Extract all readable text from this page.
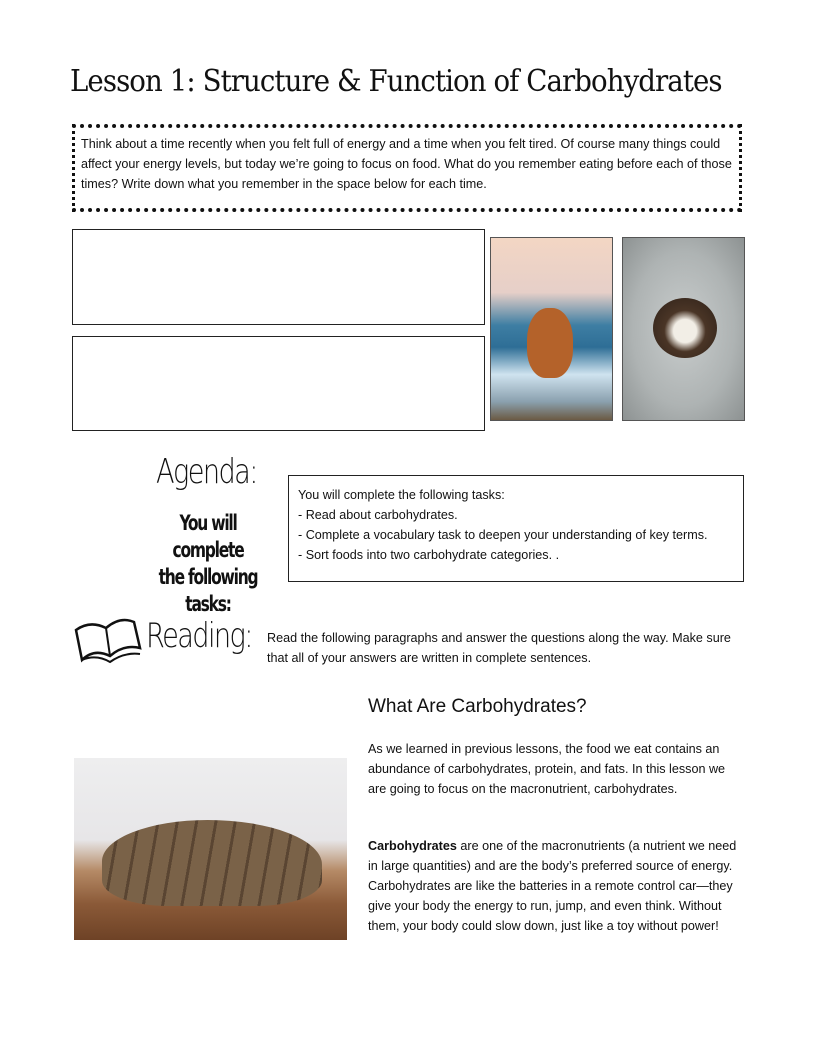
Lesson 1: Structure & Function of Carbohydrates
Think about a time recently when you felt full of energy and a time when you felt tired. Of course many things could affect your energy levels, but today we’re going to focus on food. What do you remember eating before each of those times? Write down what you remember in the space below for each time.
Agenda:
You will complete
the following tasks:
You will complete the following tasks:
- Read about carbohydrates.
- Complete a vocabulary task to deepen your understanding of key terms.
- Sort foods into two carbohydrate categories. .
Reading: Read the following paragraphs and answer the questions along the way. Make sure that all of your answers are written in complete sentences.
What Are Carbohydrates?
As we learned in previous lessons, the food we eat contains an abundance of carbohydrates, protein, and fats. In this lesson we are going to focus on the macronutrient, carbohydrates.
Carbohydrates are one of the macronutrients (a nutrient we need in large quantities) and are the body’s preferred source of energy. Carbohydrates are like the batteries in a remote control car—they give your body the energy to run, jump, and even think. Without them, your body could slow down, just like a toy without power!
